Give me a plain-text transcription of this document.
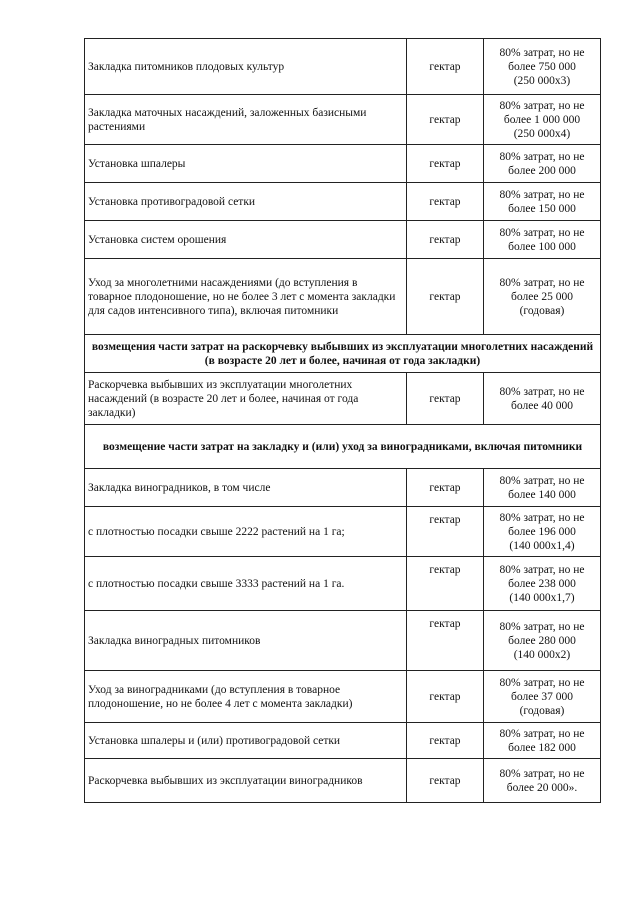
Закладка питомников плодовых культур	гектар	80% затрат, но не
более 750 000
(250 000х3)

Закладка маточных насаждений, заложенных базисными растениями	гектар	80% затрат, но не
более 1 000 000
(250 000х4)

Установка шпалеры	гектар	80% затрат, но не
более 200 000

Установка противоградовой сетки	гектар	80% затрат, но не
более 150 000

Установка систем орошения	гектар	80% затрат, но не
более 100 000

Уход за многолетними насаждениями (до вступления в товарное плодоношение, но не более 3 лет с момента закладки для садов интенсивного типа), включая питомники	гектар	80% затрат, но не
более 25 000
(годовая)

возмещения части затрат на раскорчевку выбывших из эксплуатации многолетних насаждений (в возрасте 20 лет и более, начиная от года закладки)		
Раскорчевка выбывших из эксплуатации многолетних насаждений (в возрасте 20 лет и более, начиная от года закладки)	гектар	80% затрат, но не
более 40 000

возмещение части затрат на закладку и (или) уход за виноградниками, включая питомники		
Закладка виноградников, в том числе	гектар	80% затрат, но не
более 140 000

с плотностью посадки свыше 2222 растений на 1 га;	гектар	80% затрат, но не
более 196 000
(140 000х1,4)

с плотностью посадки свыше 3333 растений на 1 га.	гектар	80% затрат, но не
более 238 000
(140 000х1,7)

Закладка виноградных питомников	гектар	80% затрат, но не
более 280 000
(140 000х2)

Уход за виноградниками (до вступления в товарное плодоношение, но не более 4 лет с момента закладки)	гектар	80% затрат, но не
более 37 000
(годовая)

Установка шпалеры и (или) противоградовой сетки	гектар	80% затрат, но не
более 182 000

Раскорчевка выбывших из эксплуатации виноградников	гектар	80% затрат, но не
более 20 000».
